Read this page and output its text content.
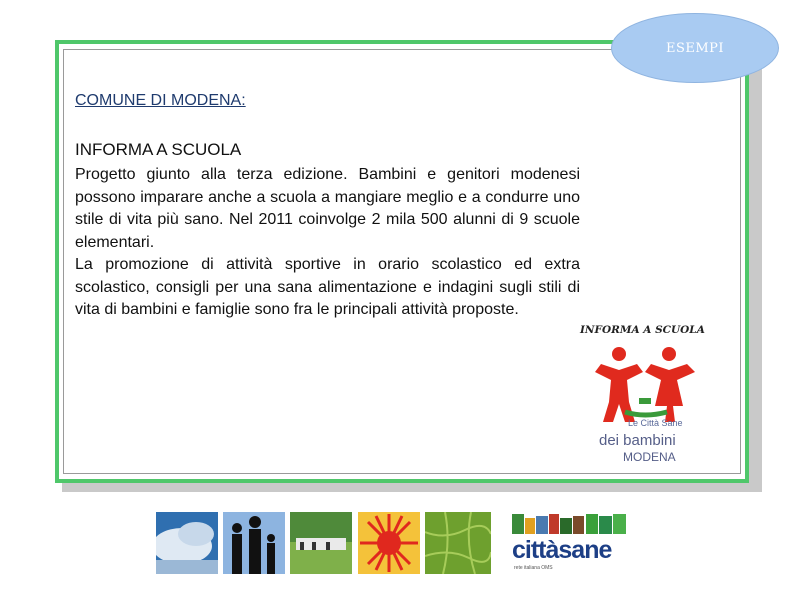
ESEMPI
COMUNE DI MODENA:
INFORMA A SCUOLA
Progetto giunto alla terza edizione. Bambini e genitori modenesi possono imparare anche a scuola a mangiare meglio e a condurre uno stile di vita più sano. Nel 2011 coinvolge 2 mila 500 alunni di 9 scuole elementari.
La promozione di attività sportive in orario scolastico ed extra scolastico, consigli per una sana alimentazione e indagini sugli stili di vita di bambini e famiglie sono fra le principali attività proposte.
INFORMA A SCUOLA
Le Città Sane
dei bambini
MODENA
cittàsane
rete italiana OMS
